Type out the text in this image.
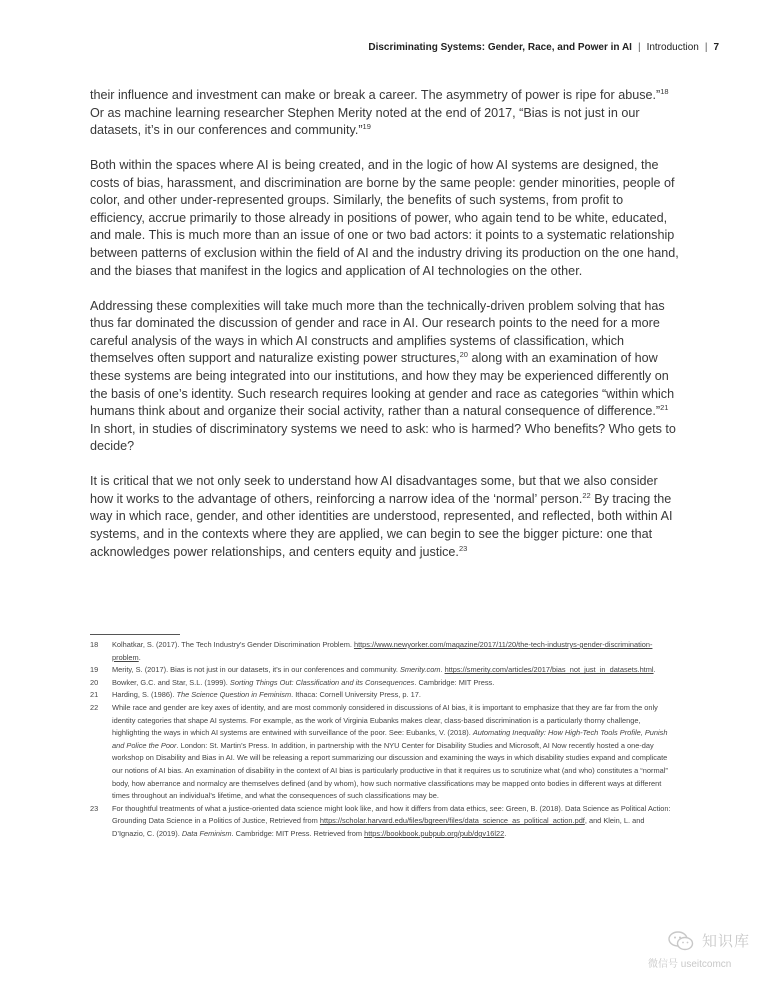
Discriminating Systems: Gender, Race, and Power in AI | Introduction | 7

their influence and investment can make or break a career. The asymmetry of power is ripe for abuse.”$^{18}$ Or as machine learning researcher Stephen Merity noted at the end of 2017, “Bias is not just in our datasets, it’s in our conferences and community.”$^{19}$

Both within the spaces where AI is being created, and in the logic of how AI systems are designed, the costs of bias, harassment, and discrimination are borne by the same people: gender minorities, people of color, and other under-represented groups. Similarly, the benefits of such systems, from profit to efficiency, accrue primarily to those already in positions of power, who again tend to be white, educated, and male. This is much more than an issue of one or two bad actors: it points to a systematic relationship between patterns of exclusion within the field of AI and the industry driving its production on the one hand, and the biases that manifest in the logics and application of AI technologies on the other.

Addressing these complexities will take much more than the technically-driven problem solving that has thus far dominated the discussion of gender and race in AI. Our research points to the need for a more careful analysis of the ways in which AI constructs and amplifies systems of classification, which themselves often support and naturalize existing power structures,$^{20}$ along with an examination of how these systems are being integrated into our institutions, and how they may be experienced differently on the basis of one’s identity. Such research requires looking at gender and race as categories “within which humans think about and organize their social activity, rather than a natural consequence of difference.”$^{21}$ In short, in studies of discriminatory systems we need to ask: who is harmed? Who benefits? Who gets to decide?

It is critical that we not only seek to understand how AI disadvantages some, but that we also consider how it works to the advantage of others, reinforcing a narrow idea of the ‘normal’ person.$^{22}$ By tracing the way in which race, gender, and other identities are understood, represented, and reflected, both within AI systems, and in the contexts where they are applied, we can begin to see the bigger picture: one that acknowledges power relationships, and centers equity and justice.$^{23}$

18	Kolhatkar, S. (2017). The Tech Industry’s Gender Discrimination Problem. https://www.newyorker.com/magazine/2017/11/20/the-tech-industrys-gender-discrimination-problem.
19	Merity, S. (2017). Bias is not just in our datasets, it’s in our conferences and community. Smerity.com. https://smerity.com/articles/2017/bias_not_just_in_datasets.html.
20	Bowker, G.C. and Star, S.L. (1999). Sorting Things Out: Classification and its Consequences. Cambridge: MIT Press.
21	Harding, S. (1986). The Science Question in Feminism. Ithaca: Cornell University Press, p. 17.
22	While race and gender are key axes of identity, and are most commonly considered in discussions of AI bias, it is important to emphasize that they are far from the only identity categories that shape AI systems. For example, as the work of Virginia Eubanks makes clear, class-based discrimination is a particularly thorny challenge, highlighting the ways in which AI systems are entwined with surveillance of the poor. See: Eubanks, V. (2018). Automating Inequality: How High-Tech Tools Profile, Punish and Police the Poor. London: St. Martin’s Press. In addition, in partnership with the NYU Center for Disability Studies and Microsoft, AI Now recently hosted a one-day workshop on Disability and Bias in AI. We will be releasing a report summarizing our discussion and examining the ways in which disability studies expand and complicate our notions of AI bias. An examination of disability in the context of AI bias is particularly productive in that it requires us to scrutinize what (and who) constitutes a “normal” body, how aberrance and normalcy are themselves defined (and by whom), how such normative classifications may be mapped onto bodies in different ways at different times throughout an individual’s lifetime, and what the consequences of such classifications may be.
23	For thoughtful treatments of what a justice-oriented data science might look like, and how it differs from data ethics, see: Green, B. (2018). Data Science as Political Action: Grounding Data Science in a Politics of Justice, Retrieved from https://scholar.harvard.edu/files/bgreen/files/data_science_as_political_action.pdf, and Klein, L. and D’Ignazio, C. (2019). Data Feminism. Cambridge: MIT Press. Retrieved from https://bookbook.pubpub.org/pub/dgv16l22.
知识库
微信号 useitcomcn
